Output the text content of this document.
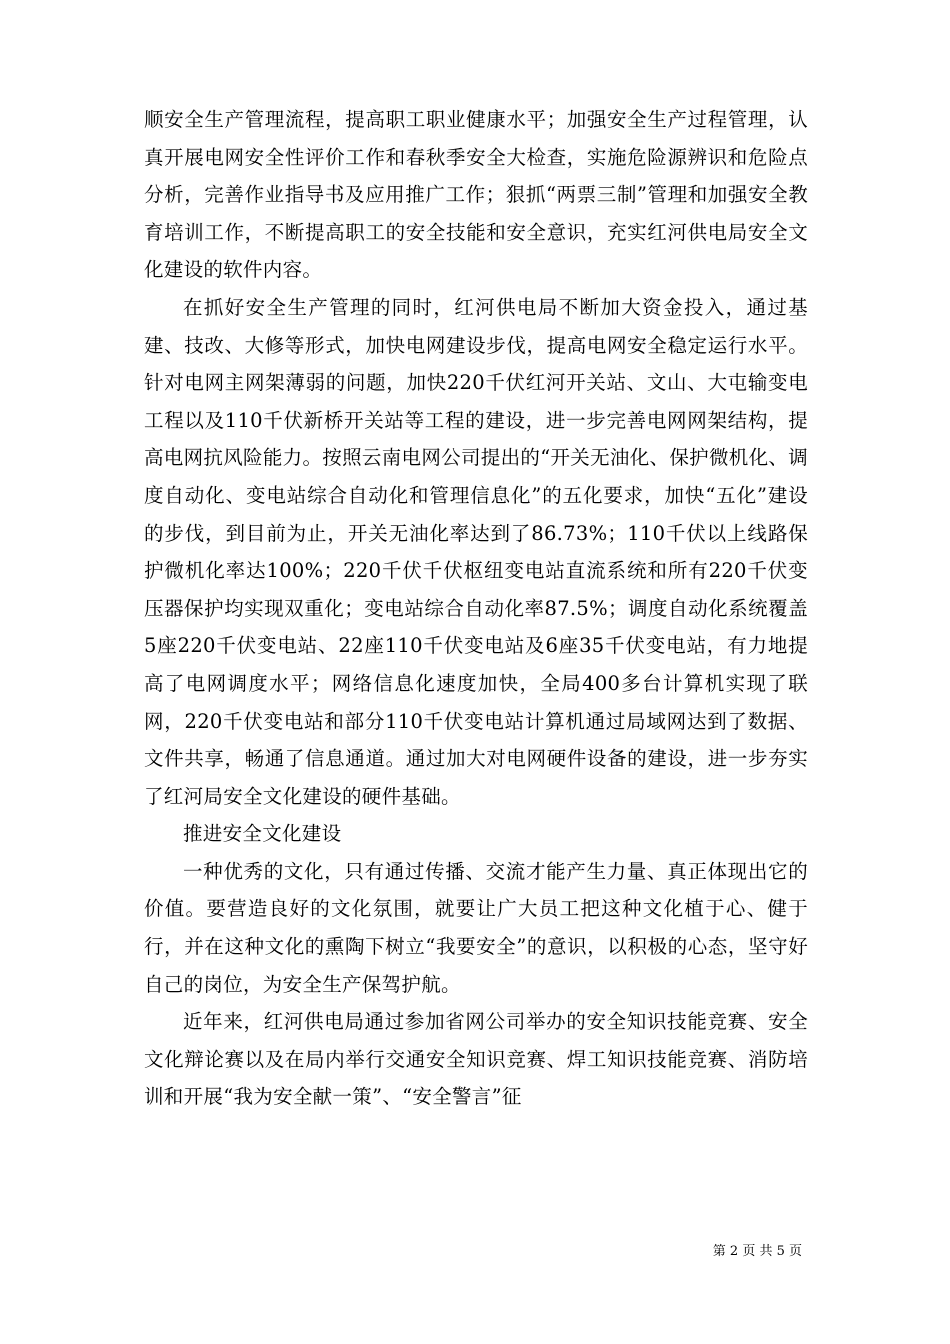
顺安全生产管理流程，提高职工职业健康水平；加强安全生产过程管理，认真开展电网安全性评价工作和春秋季安全大检查，实施危险源辨识和危险点分析，完善作业指导书及应用推广工作；狠抓“两票三制”管理和加强安全教育培训工作，不断提高职工的安全技能和安全意识，充实红河供电局安全文化建设的软件内容。

在抓好安全生产管理的同时，红河供电局不断加大资金投入，通过基建、技改、大修等形式，加快电网建设步伐，提高电网安全稳定运行水平。针对电网主网架薄弱的问题，加快220千伏红河开关站、文山、大屯输变电工程以及110千伏新桥开关站等工程的建设，进一步完善电网网架结构，提高电网抗风险能力。按照云南电网公司提出的“开关无油化、保护微机化、调度自动化、变电站综合自动化和管理信息化”的五化要求，加快“五化”建设的步伐，到目前为止，开关无油化率达到了86.73%；110千伏以上线路保护微机化率达100%；220千伏千伏枢纽变电站直流系统和所有220千伏变压器保护均实现双重化；变电站综合自动化率87.5%；调度自动化系统覆盖5座220千伏变电站、22座110千伏变电站及6座35千伏变电站，有力地提高了电网调度水平；网络信息化速度加快，全局400多台计算机实现了联网，220千伏变电站和部分110千伏变电站计算机通过局域网达到了数据、文件共享，畅通了信息通道。通过加大对电网硬件设备的建设，进一步夯实了红河局安全文化建设的硬件基础。

推进安全文化建设

一种优秀的文化，只有通过传播、交流才能产生力量、真正体现出它的价值。要营造良好的文化氛围，就要让广大员工把这种文化植于心、健于行，并在这种文化的熏陶下树立“我要安全”的意识，以积极的心态，坚守好自己的岗位，为安全生产保驾护航。

近年来，红河供电局通过参加省网公司举办的安全知识技能竞赛、安全文化辩论赛以及在局内举行交通安全知识竞赛、焊工知识技能竞赛、消防培训和开展“我为安全献一策”、“安全警言”征

第 2 页 共 5 页
